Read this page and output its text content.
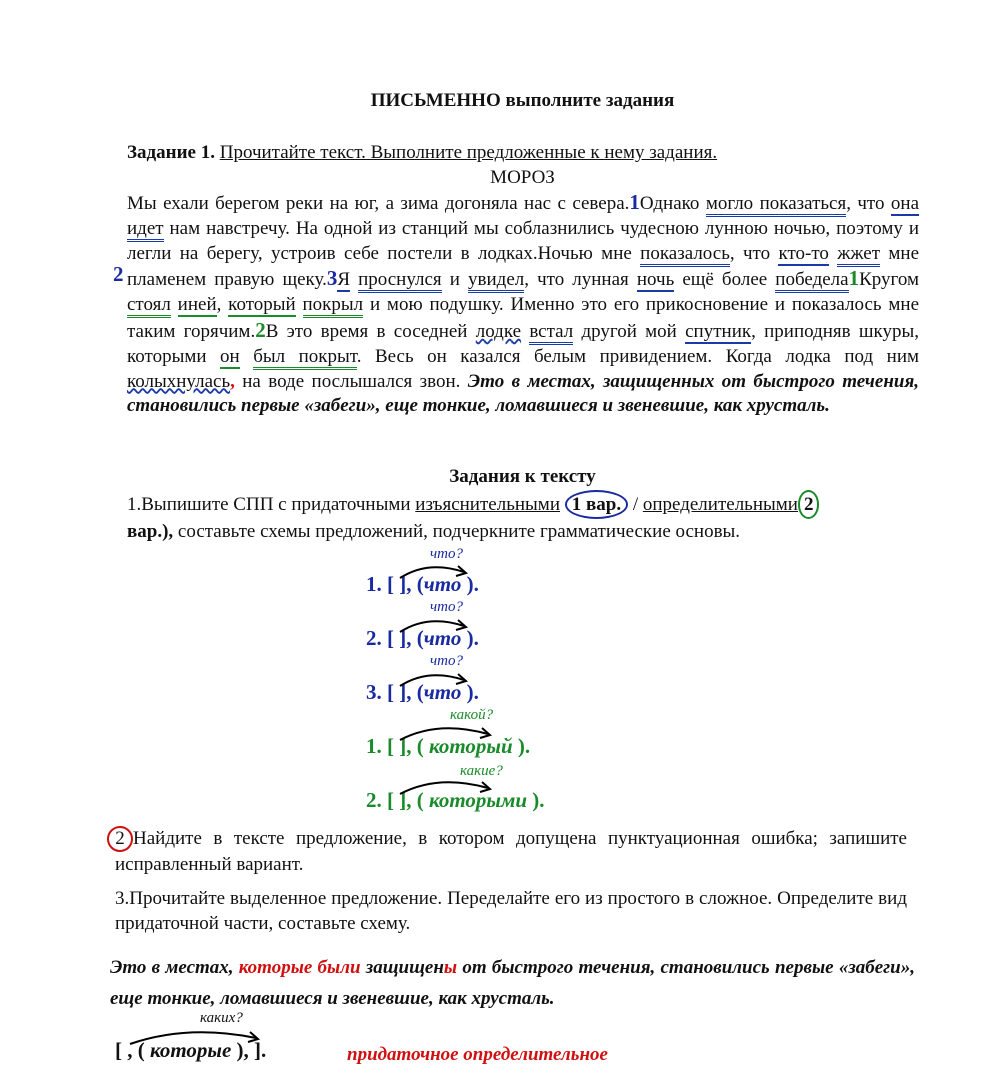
ПИСЬМЕННО выполните задания
Задание 1. Прочитайте текст. Выполните предложенные к нему задания.
МОРОЗ
Мы ехали берегом реки на юг, а зима догоняла нас с севера.1Однако могло показаться, что она идет нам навстречу. На одной из станций мы соблазнились чудесною лунною ночью, поэтому и легли на берегу, устроив себе постели в лодках.
2
Ночью мне показалось, что кто-то жжет мне пламенем правую щеку.3Я проснулся и увидел, что лунная ночь ещё более победела1Кругом стоял иней, который покрыл и мою подушку. Именно это его прикосновение и показалось мне таким горячим.2В это время в соседней лодке встал другой мой спутник, приподняв шкуры, которыми он был покрыт. Весь он казался белым привидением. Когда лодка под ним колыхнулась, на воде послышался звон. Это в местах, защищенных от быстрого течения, становились первые «забеги», еще тонкие, ломавшиеся и звеневшие, как хрусталь.
Задания к тексту
1.Выпишите СПП с придаточными изъяснительными 1 вар. / определительными 2
вар.), составьте схемы предложений, подчеркните грамматические основы.
1. [ ], (что ).
что?
2. [ ], (что ).
что?
3. [ ], (что ).
что?
1. [ ], ( который ).
какой?
2. [ ], ( которыми ).
какие?
2 Найдите в тексте предложение, в котором допущена пунктуационная ошибка; запишите исправленный вариант.
3.Прочитайте выделенное предложение. Переделайте его из простого в сложное. Определите вид придаточной части, составьте схему.
Это в местах, которые были защищены от быстрого течения, становились первые «забеги», еще тонкие, ломавшиеся и звеневшие, как хрусталь.
каких?
[ , ( которые ), ].	придаточное определительное
